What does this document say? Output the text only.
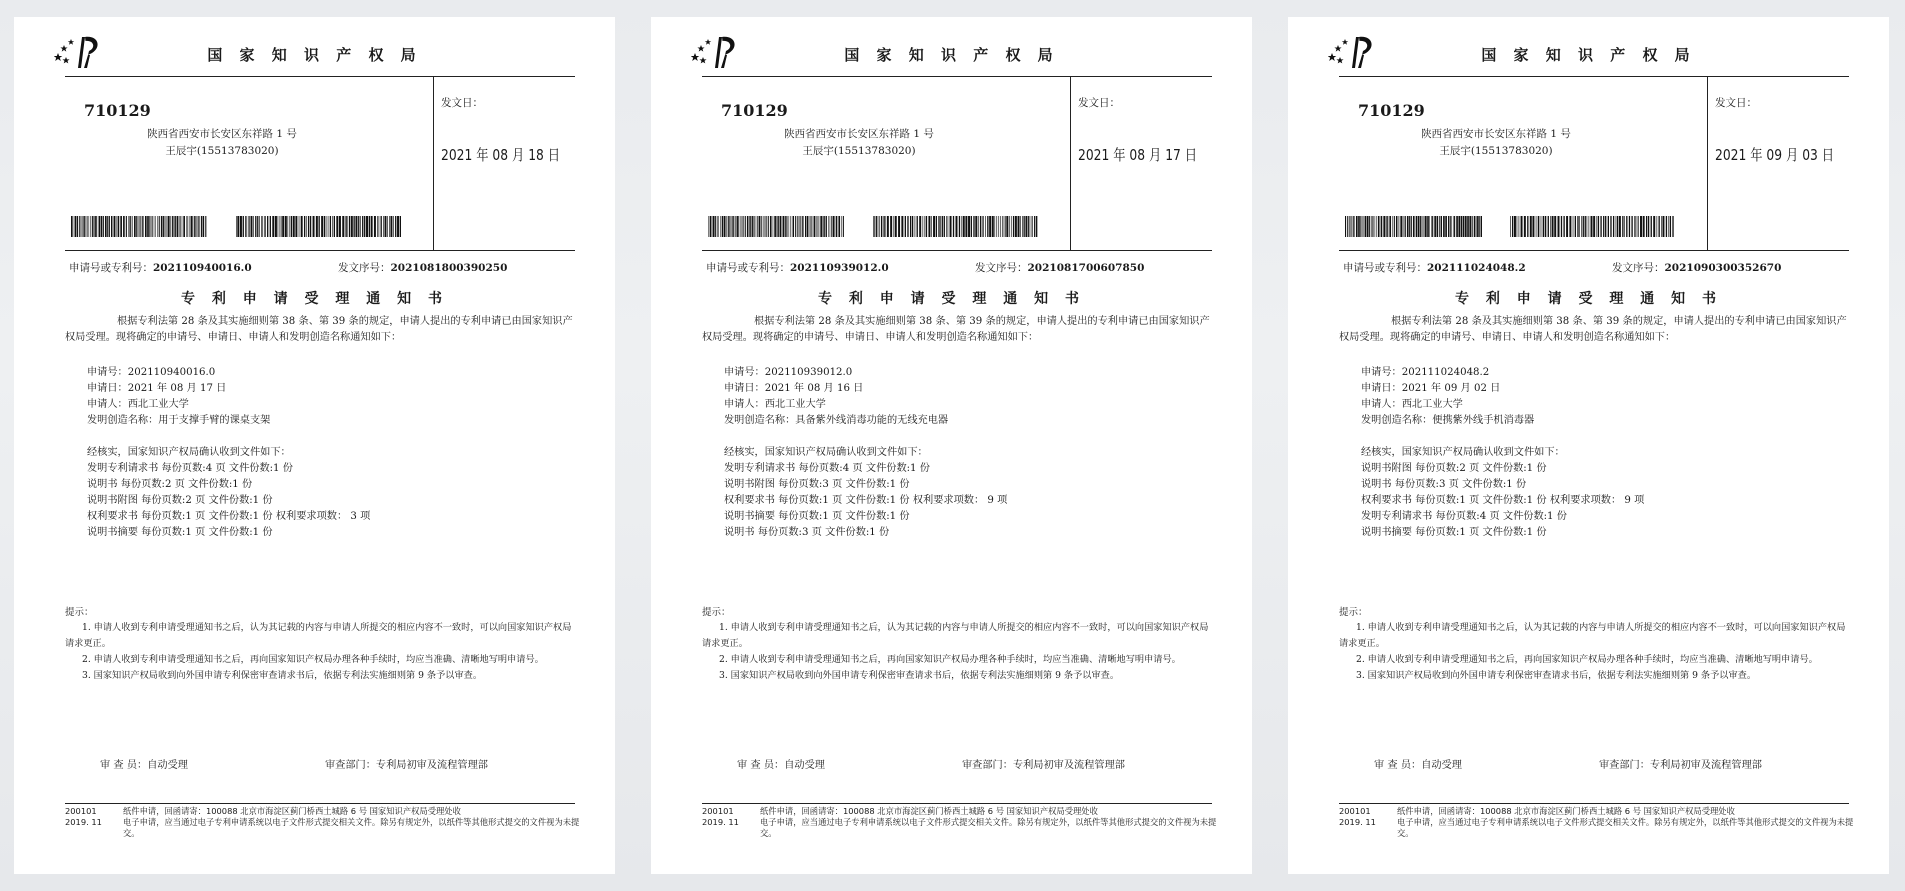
国 家 知 识 产 权 局
710129
陕西省西安市长安区东祥路 1 号
王辰宇(15513783020)
发文日：
2021 年 08 月 18 日
申请号或专利号：202110940016.0	发文序号：2021081800390250
专 利 申 请 受 理 通 知 书
根据专利法第 28 条及其实施细则第 38 条、第 39 条的规定，申请人提出的专利申请已由国家知识产权局受理。现将确定的申请号、申请日、申请人和发明创造名称通知如下：
申请号：202110940016.0
申请日：2021 年 08 月 17 日
申请人：西北工业大学
发明创造名称：用于支撑手臂的课桌支架
经核实，国家知识产权局确认收到文件如下：
发明专利请求书 每份页数:4 页 文件份数:1 份
说明书 每份页数:2 页 文件份数:1 份
说明书附图 每份页数:2 页 文件份数:1 份
权利要求书 每份页数:1 页 文件份数:1 份 权利要求项数： 3 项
说明书摘要 每份页数:1 页 文件份数:1 份
提示：
1. 申请人收到专利申请受理通知书之后，认为其记载的内容与申请人所提交的相应内容不一致时，可以向国家知识产权局请求更正。
2. 申请人收到专利申请受理通知书之后，再向国家知识产权局办理各种手续时，均应当准确、清晰地写明申请号。
3. 国家知识产权局收到向外国申请专利保密审查请求书后，依据专利法实施细则第 9 条予以审查。
审 查 员：自动受理	审查部门：专利局初审及流程管理部
200101
2019. 11
纸件申请，回函请寄：100088 北京市海淀区蓟门桥西土城路 6 号 国家知识产权局受理处收
电子申请，应当通过电子专利申请系统以电子文件形式提交相关文件。除另有规定外，以纸件等其他形式提交的文件视为未提交。
国 家 知 识 产 权 局
710129
陕西省西安市长安区东祥路 1 号
王辰宇(15513783020)
发文日：
2021 年 08 月 17 日
申请号或专利号：202110939012.0	发文序号：2021081700607850
专 利 申 请 受 理 通 知 书
根据专利法第 28 条及其实施细则第 38 条、第 39 条的规定，申请人提出的专利申请已由国家知识产权局受理。现将确定的申请号、申请日、申请人和发明创造名称通知如下：
申请号：202110939012.0
申请日：2021 年 08 月 16 日
申请人：西北工业大学
发明创造名称：具备紫外线消毒功能的无线充电器
经核实，国家知识产权局确认收到文件如下：
发明专利请求书 每份页数:4 页 文件份数:1 份
说明书附图 每份页数:3 页 文件份数:1 份
权利要求书 每份页数:1 页 文件份数:1 份 权利要求项数： 9 项
说明书摘要 每份页数:1 页 文件份数:1 份
说明书 每份页数:3 页 文件份数:1 份
提示：
1. 申请人收到专利申请受理通知书之后，认为其记载的内容与申请人所提交的相应内容不一致时，可以向国家知识产权局请求更正。
2. 申请人收到专利申请受理通知书之后，再向国家知识产权局办理各种手续时，均应当准确、清晰地写明申请号。
3. 国家知识产权局收到向外国申请专利保密审查请求书后，依据专利法实施细则第 9 条予以审查。
审 查 员：自动受理	审查部门：专利局初审及流程管理部
200101
2019. 11
纸件申请，回函请寄：100088 北京市海淀区蓟门桥西土城路 6 号 国家知识产权局受理处收
电子申请，应当通过电子专利申请系统以电子文件形式提交相关文件。除另有规定外，以纸件等其他形式提交的文件视为未提交。
国 家 知 识 产 权 局
710129
陕西省西安市长安区东祥路 1 号
王辰宇(15513783020)
发文日：
2021 年 09 月 03 日
申请号或专利号：202111024048.2	发文序号：2021090300352670
专 利 申 请 受 理 通 知 书
根据专利法第 28 条及其实施细则第 38 条、第 39 条的规定，申请人提出的专利申请已由国家知识产权局受理。现将确定的申请号、申请日、申请人和发明创造名称通知如下：
申请号：202111024048.2
申请日：2021 年 09 月 02 日
申请人：西北工业大学
发明创造名称：便携紫外线手机消毒器
经核实，国家知识产权局确认收到文件如下：
说明书附图 每份页数:2 页 文件份数:1 份
说明书 每份页数:3 页 文件份数:1 份
权利要求书 每份页数:1 页 文件份数:1 份 权利要求项数： 9 项
发明专利请求书 每份页数:4 页 文件份数:1 份
说明书摘要 每份页数:1 页 文件份数:1 份
提示：
1. 申请人收到专利申请受理通知书之后，认为其记载的内容与申请人所提交的相应内容不一致时，可以向国家知识产权局请求更正。
2. 申请人收到专利申请受理通知书之后，再向国家知识产权局办理各种手续时，均应当准确、清晰地写明申请号。
3. 国家知识产权局收到向外国申请专利保密审查请求书后，依据专利法实施细则第 9 条予以审查。
审 查 员：自动受理	审查部门：专利局初审及流程管理部
200101
2019. 11
纸件申请，回函请寄：100088 北京市海淀区蓟门桥西土城路 6 号 国家知识产权局受理处收
电子申请，应当通过电子专利申请系统以电子文件形式提交相关文件。除另有规定外，以纸件等其他形式提交的文件视为未提交。
